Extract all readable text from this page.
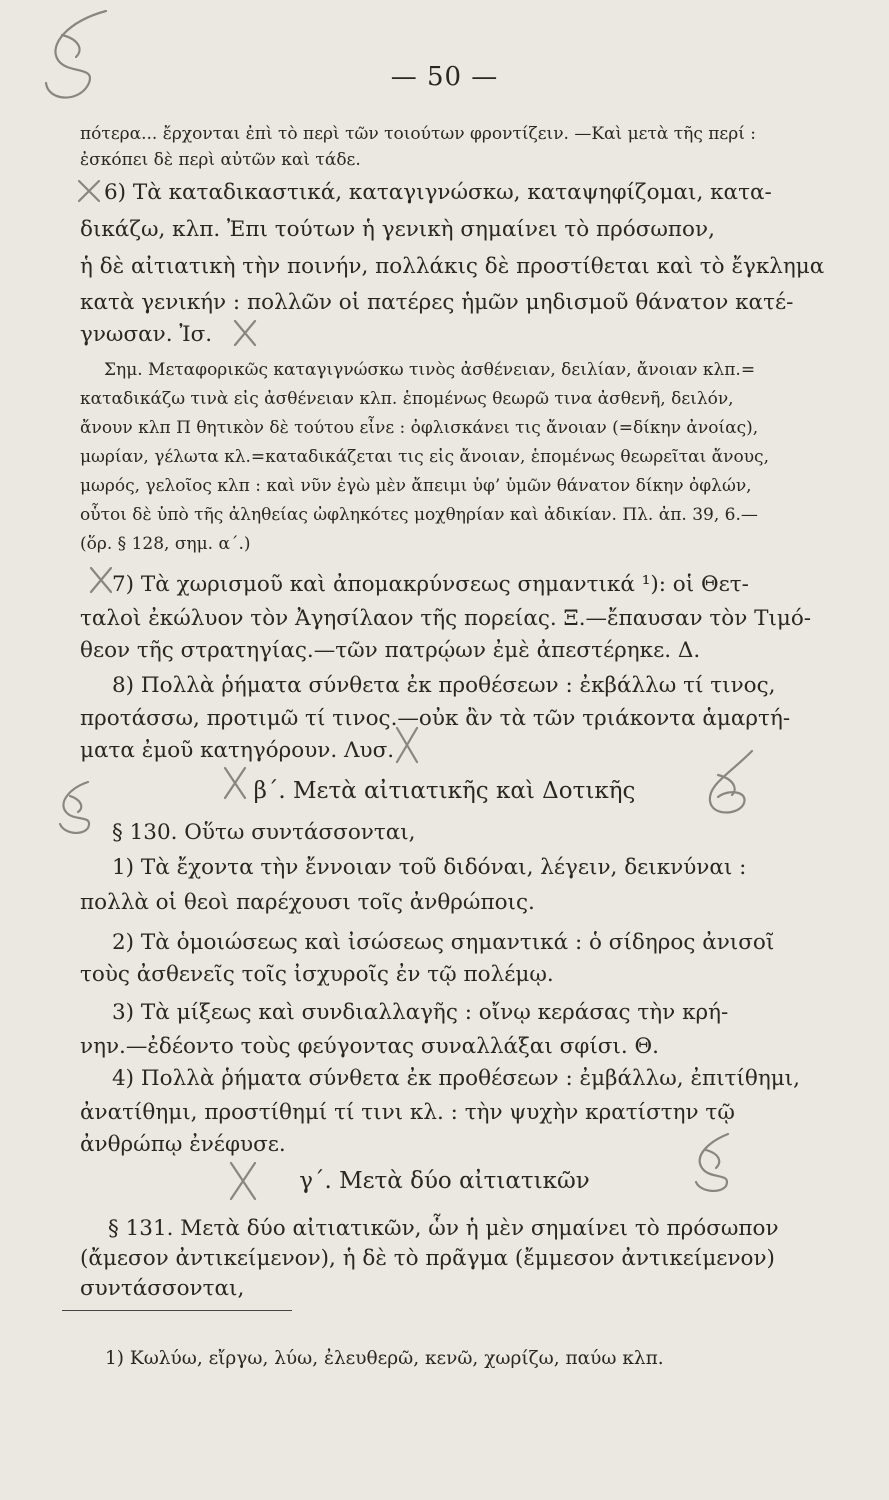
— 50 —
πότερα... ἔρχονται ἐπὶ τὸ περὶ τῶν τοιούτων φροντίζειν. —Καὶ μετὰ τῆς περί :
ἐσκόπει δὲ περὶ αὐτῶν καὶ τάδε.
6) Τὰ καταδικαστικά, καταγιγνώσκω, καταψηφίζομαι, κατα-
δικάζω, κλπ. Ἐπι τούτων ἡ γενικὴ σημαίνει τὸ πρόσωπον,
ἡ δὲ αἰτιατικὴ τὴν ποινήν, πολλάκις δὲ προστίθεται καὶ τὸ ἔγκλημα
κατὰ γενικήν : πολλῶν οἱ πατέρες ἡμῶν μηδισμοῦ θάνατον κατέ-
γνωσαν. Ἰσ.
Σημ. Μεταφορικῶς καταγιγνώσκω τινὸς ἀσθένειαν, δειλίαν, ἄνοιαν κλπ.=
καταδικάζω τινὰ εἰς ἀσθένειαν κλπ. ἑπομένως θεωρῶ τινα ἀσθενῆ, δειλόν,
ἄνουν κλπ Π θητικὸν δὲ τούτου εἶνε : ὀφλισκάνει τις ἄνοιαν (=δίκην ἀνοίας),
μωρίαν, γέλωτα κλ.=καταδικάζεται τις εἰς ἄνοιαν, ἑπομένως θεωρεῖται ἄνους,
μωρός, γελοῖος κλπ : καὶ νῦν ἐγὼ μὲν ἄπειμι ὑφ’ ὑμῶν θάνατον δίκην ὀφλών,
οὗτοι δὲ ὑπὸ τῆς ἀληθείας ὠφληκότες μοχθηρίαν καὶ ἀδικίαν. Πλ. ἀπ. 39, 6.—
(ὅρ. § 128, σημ. α΄.)
7) Τὰ χωρισμοῦ καὶ ἀπομακρύνσεως σημαντικά ¹): οἱ Θετ-
ταλοὶ ἐκώλυον τὸν Ἀγησίλαον τῆς πορείας. Ξ.—ἔπαυσαν τὸν Τιμό-
θεον τῆς στρατηγίας.—τῶν πατρῴων ἐμὲ ἀπεστέρηκε. Δ.
8) Πολλὰ ῥήματα σύνθετα ἐκ προθέσεων : ἐκβάλλω τί τινος,
προτάσσω, προτιμῶ τί τινος.—οὐκ ἂν τὰ τῶν τριάκοντα ἁμαρτή-
ματα ἐμοῦ κατηγόρουν. Λυσ.
β΄. Μετὰ αἰτιατικῆς καὶ Δοτικῆς
§ 130. Οὕτω συντάσσονται,
1) Τὰ ἔχοντα τὴν ἔννοιαν τοῦ διδόναι, λέγειν, δεικνύναι :
πολλὰ οἱ θεοὶ παρέχουσι τοῖς ἀνθρώποις.
2) Τὰ ὁμοιώσεως καὶ ἰσώσεως σημαντικά : ὁ σίδηρος ἀνισοῖ
τοὺς ἀσθενεῖς τοῖς ἰσχυροῖς ἐν τῷ πολέμῳ.
3) Τὰ μίξεως καὶ συνδιαλλαγῆς : οἴνῳ κεράσας τὴν κρή-
νην.—ἐδέοντο τοὺς φεύγοντας συναλλάξαι σφίσι. Θ.
4) Πολλὰ ῥήματα σύνθετα ἐκ προθέσεων : ἐμβάλλω, ἐπιτίθημι,
ἀνατίθημι, προστίθημί τί τινι κλ. : τὴν ψυχὴν κρατίστην τῷ
ἀνθρώπῳ ἐνέφυσε.
γ΄. Μετὰ δύο αἰτιατικῶν
§ 131. Μετὰ δύο αἰτιατικῶν, ὧν ἡ μὲν σημαίνει τὸ πρόσωπον
(ἄμεσον ἀντικείμενον), ἡ δὲ τὸ πρᾶγμα (ἔμμεσον ἀντικείμενον)
συντάσσονται,
1) Κωλύω, εἴργω, λύω, ἐλευθερῶ, κενῶ, χωρίζω, παύω κλπ.
